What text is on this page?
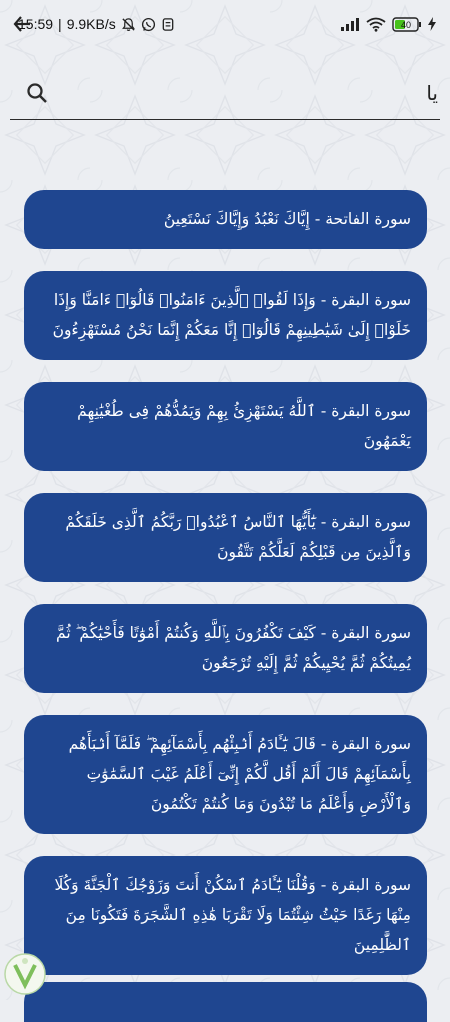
15:59 | 9.9KB/s	40
يا
سورة الفاتحة - إِيَّاكَ نَعْبُدُ وَإِيَّاكَ نَسْتَعِينُ
سورة البقرة - وَإِذَا لَقُوا۟ ٱلَّذِينَ ءَامَنُوا۟ قَالُوٓا۟ ءَامَنَّا وَإِذَا خَلَوْا۟ إِلَىٰ شَيَٰطِينِهِمْ قَالُوٓا۟ إِنَّا مَعَكُمْ إِنَّمَا نَحْنُ مُسْتَهْزِءُونَ
سورة البقرة - ٱللَّهُ يَسْتَهْزِئُ بِهِمْ وَيَمُدُّهُمْ فِى طُغْيَٰنِهِمْ يَعْمَهُونَ
سورة البقرة - يَٰٓأَيُّهَا ٱلنَّاسُ ٱعْبُدُوا۟ رَبَّكُمُ ٱلَّذِى خَلَقَكُمْ وَٱلَّذِينَ مِن قَبْلِكُمْ لَعَلَّكُمْ تَتَّقُونَ
سورة البقرة - كَيْفَ تَكْفُرُونَ بِٱللَّهِ وَكُنتُمْ أَمْوَٰتًا فَأَحْيَٰكُمْ ۖ ثُمَّ يُمِيتُكُمْ ثُمَّ يُحْيِيكُمْ ثُمَّ إِلَيْهِ تُرْجَعُونَ
سورة البقرة - قَالَ يَٰٓـَٔادَمُ أَنۢبِئْهُم بِأَسْمَآئِهِمْ ۖ فَلَمَّآ أَنۢبَأَهُم بِأَسْمَآئِهِمْ قَالَ أَلَمْ أَقُل لَّكُمْ إِنِّىٓ أَعْلَمُ غَيْبَ ٱلسَّمَٰوَٰتِ وَٱلْأَرْضِ وَأَعْلَمُ مَا تُبْدُونَ وَمَا كُنتُمْ تَكْتُمُونَ
سورة البقرة - وَقُلْنَا يَٰٓـَٔادَمُ ٱسْكُنْ أَنتَ وَزَوْجُكَ ٱلْجَنَّةَ وَكُلَا مِنْهَا رَغَدًا حَيْثُ شِئْتُمَا وَلَا تَقْرَبَا هَٰذِهِ ٱلشَّجَرَةَ فَتَكُونَا مِنَ ٱلظَّٰلِمِينَ
